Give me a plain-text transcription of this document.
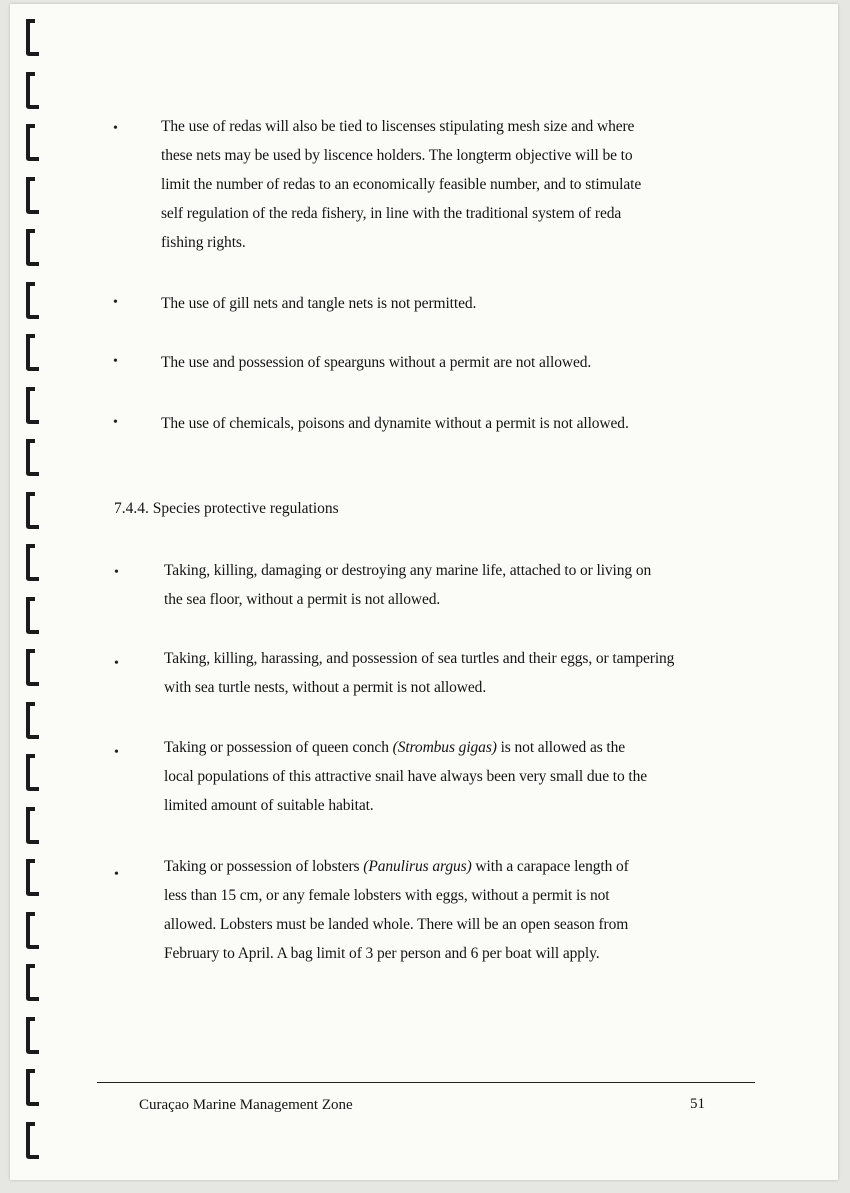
•	The use of redas will also be tied to liscenses stipulating mesh size and where
these nets may be used by liscence holders. The longterm objective will be to
limit the number of redas to an economically feasible number, and to stimulate
self regulation of the reda fishery, in line with the traditional system of reda
fishing rights.
•	The use of gill nets and tangle nets is not permitted.
•	The use and possession of spearguns without a permit are not allowed.
•	The use of chemicals, poisons and dynamite without a permit is not allowed.
7.4.4. Species protective regulations
•	Taking, killing, damaging or destroying any marine life, attached to or living on
the sea floor, without a permit is not allowed.
•	Taking, killing, harassing, and possession of sea turtles and their eggs, or tampering
with sea turtle nests, without a permit is not allowed.
•	Taking or possession of queen conch (Strombus gigas) is not allowed as the
local populations of this attractive snail have always been very small due to the
limited amount of suitable habitat.
•	Taking or possession of lobsters (Panulirus argus) with a carapace length of
less than 15 cm, or any female lobsters with eggs, without a permit is not
allowed. Lobsters must be landed whole. There will be an open season from
February to April. A bag limit of 3 per person and 6 per boat will apply.
Curaçao Marine Management Zone	51
